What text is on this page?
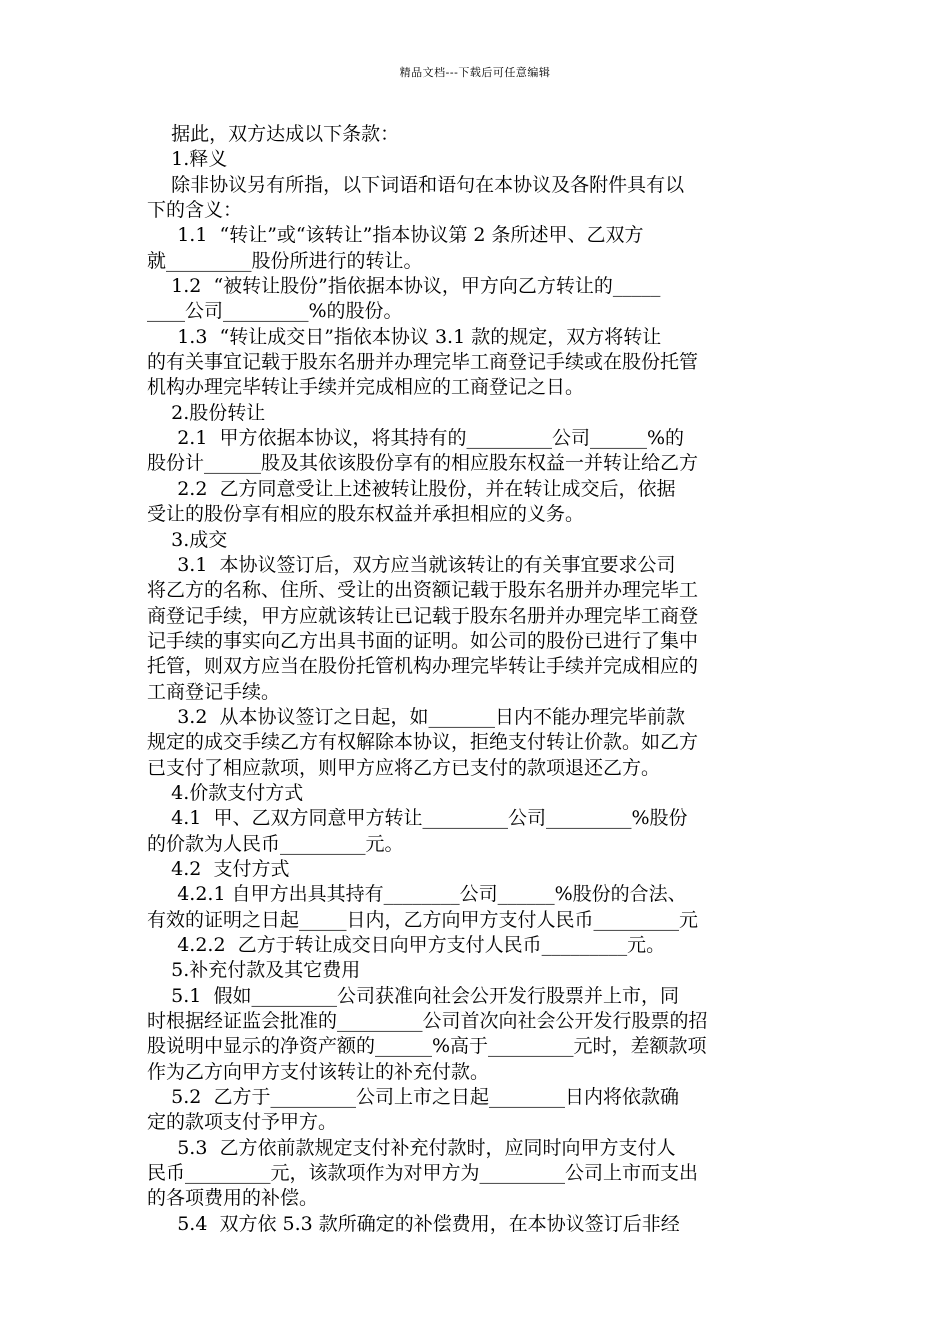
精品文档---下载后可任意编辑
据此，双方达成以下条款：
1.释义
除非协议另有所指，以下词语和语句在本协议及各附件具有以
下的含义：
1.1  “转让”或“该转让”指本协议第 2 条所述甲、乙双方
就_________股份所进行的转让。
1.2  “被转让股份”指依据本协议，甲方向乙方转让的_____
____公司_________%的股份。
1.3  “转让成交日”指依本协议 3.1 款的规定，双方将转让
的有关事宜记载于股东名册并办理完毕工商登记手续或在股份托管
机构办理完毕转让手续并完成相应的工商登记之日。
2.股份转让
2.1  甲方依据本协议，将其持有的_________公司______%的
股份计______股及其依该股份享有的相应股东权益一并转让给乙方
2.2  乙方同意受让上述被转让股份，并在转让成交后，依据
受让的股份享有相应的股东权益并承担相应的义务。
3.成交
3.1  本协议签订后，双方应当就该转让的有关事宜要求公司
将乙方的名称、住所、受让的出资额记载于股东名册并办理完毕工
商登记手续，甲方应就该转让已记载于股东名册并办理完毕工商登
记手续的事实向乙方出具书面的证明。如公司的股份已进行了集中
托管，则双方应当在股份托管机构办理完毕转让手续并完成相应的
工商登记手续。
3.2  从本协议签订之日起，如_______日内不能办理完毕前款
规定的成交手续乙方有权解除本协议，拒绝支付转让价款。如乙方
已支付了相应款项，则甲方应将乙方已支付的款项退还乙方。
4.价款支付方式
4.1  甲、乙双方同意甲方转让_________公司_________%股份
的价款为人民币_________元。
4.2  支付方式
4.2.1 自甲方出具其持有________公司______%股份的合法、
有效的证明之日起_____日内，乙方向甲方支付人民币_________元
4.2.2  乙方于转让成交日向甲方支付人民币_________元。
5.补充付款及其它费用
5.1  假如_________公司获准向社会公开发行股票并上市，同
时根据经证监会批准的_________公司首次向社会公开发行股票的招
股说明中显示的净资产额的______%高于_________元时，差额款项
作为乙方向甲方支付该转让的补充付款。
5.2  乙方于_________公司上市之日起________日内将依款确
定的款项支付予甲方。
5.3  乙方依前款规定支付补充付款时，应同时向甲方支付人
民币_________元，该款项作为对甲方为_________公司上市而支出
的各项费用的补偿。
5.4  双方依 5.3 款所确定的补偿费用，在本协议签订后非经
